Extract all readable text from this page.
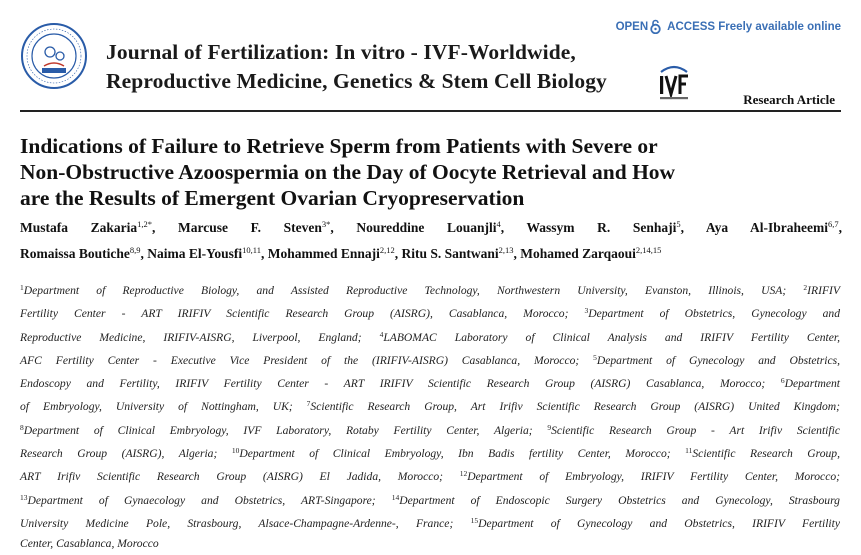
Journal of Fertilization: In vitro - IVF-Worldwide,
Reproductive Medicine, Genetics & Stem Cell Biology
OPEN ACCESS Freely available online
Research Article
Indications of Failure to Retrieve Sperm from Patients with Severe or
Non-Obstructive Azoospermia on the Day of Oocyte Retrieval and How
are the Results of Emergent Ovarian Cryopreservation
Mustafa Zakaria$^{1,2*}$, Marcuse F. Steven$^{3*}$, Noureddine Louanjli$^4$, Wassym R. Senhaji$^5$, Aya Al-Ibraheemi$^{6,7}$,
Romaissa Boutiche$^{8,9}$, Naima El-Yousfi$^{10,11}$, Mohammed Ennaji$^{2,12}$, Ritu S. Santwani$^{2,13}$, Mohamed Zarqaoui$^{2,14,15}$
$^1$Department of Reproductive Biology, and Assisted Reproductive Technology, Northwestern University, Evanston, Illinois, USA; $^2$IRIFIV
Fertility Center - ART IRIFIV Scientific Research Group (AISRG), Casablanca, Morocco; $^3$Department of Obstetrics, Gynecology and
Reproductive Medicine, IRIFIV-AISRG, Liverpool, England; $^4$LABOMAC Laboratory of Clinical Analysis and IRIFIV Fertility Center,
AFC Fertility Center - Executive Vice President of the (IRIFIV-AISRG) Casablanca, Morocco; $^5$Department of Gynecology and Obstetrics,
Endoscopy and Fertility, IRIFIV Fertility Center - ART IRIFIV Scientific Research Group (AISRG) Casablanca, Morocco; $^6$Department
of Embryology, University of Nottingham, UK; $^7$Scientific Research Group, Art Irifiv Scientific Research Group (AISRG) United Kingdom;
$^8$Department of Clinical Embryology, IVF Laboratory, Rotaby Fertility Center, Algeria; $^9$Scientific Research Group - Art Irifiv Scientific
Research Group (AISRG), Algeria; $^{10}$Department of Clinical Embryology, Ibn Badis fertility Center, Morocco; $^{11}$Scientific Research Group,
ART Irifiv Scientific Research Group (AISRG) El Jadida, Morocco; $^{12}$Department of Embryology, IRIFIV Fertility Center, Morocco;
$^{13}$Department of Gynaecology and Obstetrics, ART-Singapore; $^{14}$Department of Endoscopic Surgery Obstetrics and Gynecology, Strasbourg
University Medicine Pole, Strasbourg, Alsace-Champagne-Ardenne-, France; $^{15}$Department of Gynecology and Obstetrics, IRIFIV Fertility
Center, Casablanca, Morocco
